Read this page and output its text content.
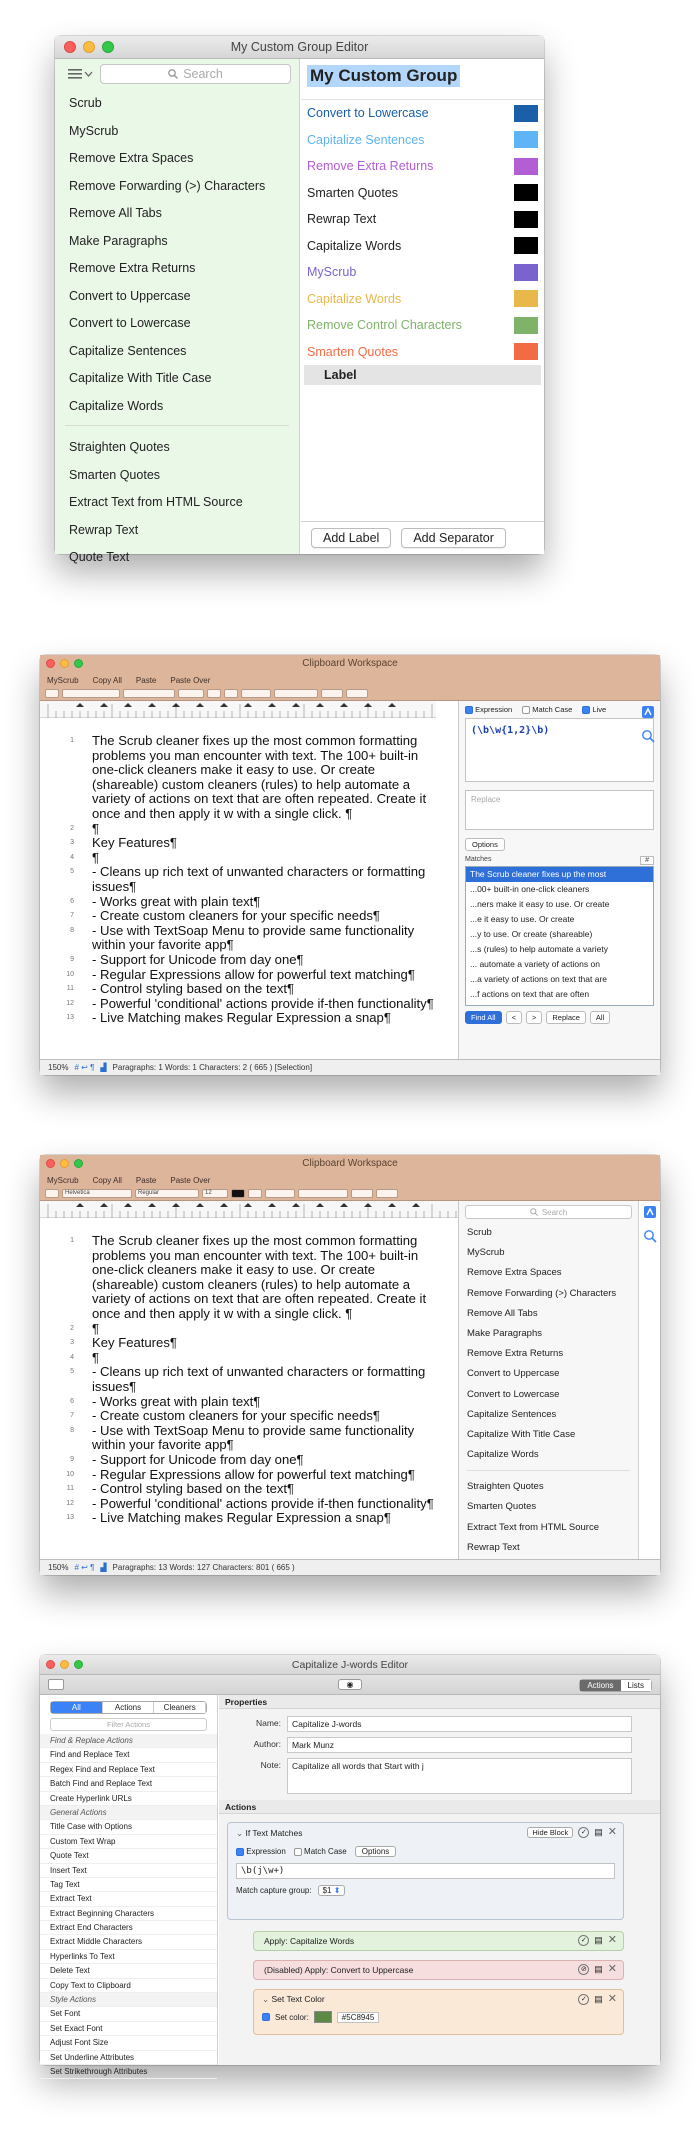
My Custom Group Editor
Search
Scrub
MyScrub
Remove Extra Spaces
Remove Forwarding (>) Characters
Remove All Tabs
Make Paragraphs
Remove Extra Returns
Convert to Uppercase
Convert to Lowercase
Capitalize Sentences
Capitalize With Title Case
Capitalize Words
Straighten Quotes
Smarten Quotes
Extract Text from HTML Source
Rewrap Text
Quote Text
My Custom Group
Convert to Lowercase
Capitalize Sentences
Remove Extra Returns
Smarten Quotes
Rewrap Text
Capitalize Words
MyScrub
Capitalize Words
Remove Control Characters
Smarten Quotes
Label
Add Label	Add Separator
Clipboard Workspace
MyScrub Copy All Paste Paste Over
1 The Scrub cleaner fixes up the most common formatting
problems you man encounter with text. The 100+ built-in
one-click cleaners make it easy to use. Or create
(shareable) custom cleaners (rules) to help automate a
variety of actions on text that are often repeated. Create it
once and then apply it w with a single click. ¶
2 ¶
3 Key Features¶
4 ¶
5 - Cleans up rich text of unwanted characters or formatting
issues¶
6 - Works great with plain text¶
7 - Create custom cleaners for your specific needs¶
8 - Use with TextSoap Menu to provide same functionality
within your favorite app¶
9 - Support for Unicode from day one¶
10 - Regular Expressions allow for powerful text matching¶
11 - Control styling based on the text¶
12 - Powerful 'conditional' actions provide if-then functionality¶
13 - Live Matching makes Regular Expression a snap¶
Expression	Match Case	Live
(\b\w{1,2}\b)
Replace
Options
Matches	#
The Scrub cleaner fixes up the most
...00+ built-in one-click cleaners
...ners make it easy to use. Or create
...e it easy to use. Or create
...y to use. Or create (shareable)
...s (rules) to help automate a variety
... automate a variety of actions on
...a variety of actions on text that are
...f actions on text that are often
Find All	<	>	Replace	All
150% # ↩ ¶ ▟ Paragraphs: 1 Words: 1 Characters: 2 ( 665 ) [Selection]
Clipboard Workspace
MyScrub Copy All Paste Paste Over
Helvetica	Regular	12
1 The Scrub cleaner fixes up the most common formatting
problems you man encounter with text. The 100+ built-in
one-click cleaners make it easy to use. Or create
(shareable) custom cleaners (rules) to help automate a
variety of actions on text that are often repeated. Create it
once and then apply it w with a single click. ¶
2 ¶
3 Key Features¶
4 ¶
5 - Cleans up rich text of unwanted characters or formatting
issues¶
6 - Works great with plain text¶
7 - Create custom cleaners for your specific needs¶
8 - Use with TextSoap Menu to provide same functionality
within your favorite app¶
9 - Support for Unicode from day one¶
10 - Regular Expressions allow for powerful text matching¶
11 - Control styling based on the text¶
12 - Powerful 'conditional' actions provide if-then functionality¶
13 - Live Matching makes Regular Expression a snap¶
Search
Scrub
MyScrub
Remove Extra Spaces
Remove Forwarding (>) Characters
Remove All Tabs
Make Paragraphs
Remove Extra Returns
Convert to Uppercase
Convert to Lowercase
Capitalize Sentences
Capitalize With Title Case
Capitalize Words
Straighten Quotes
Smarten Quotes
Extract Text from HTML Source
Rewrap Text
150% # ↩ ¶ ▟ Paragraphs: 13 Words: 127 Characters: 801 ( 665 )
Capitalize J-words Editor
◉	Actions	Lists
All	Actions	Cleaners
Filter Actions
Find & Replace Actions
Find and Replace Text
Regex Find and Replace Text
Batch Find and Replace Text
Create Hyperlink URLs
General Actions
Title Case with Options
Custom Text Wrap
Quote Text
Insert Text
Tag Text
Extract Text
Extract Beginning Characters
Extract End Characters
Extract Middle Characters
Hyperlinks To Text
Delete Text
Copy Text to Clipboard
Style Actions
Set Font
Set Exact Font
Adjust Font Size
Set Underline Attributes
Set Strikethrough Attributes
Properties
Name:	Capitalize J-words
Author:	Mark Munz
Note:	Capitalize all words that Start with j
Actions
⌄ If Text Matches	Hide Block	✓ ▤ ✕
Expression	Match Case	Options
\b(j\w+)
Match capture group:	$1 ⬍
Apply: Capitalize Words	✓ ▤ ✕
(Disabled) Apply: Convert to Uppercase	⊘ ▤ ✕
⌄ Set Text Color	✓ ▤ ✕
Set color:	#5C8945
